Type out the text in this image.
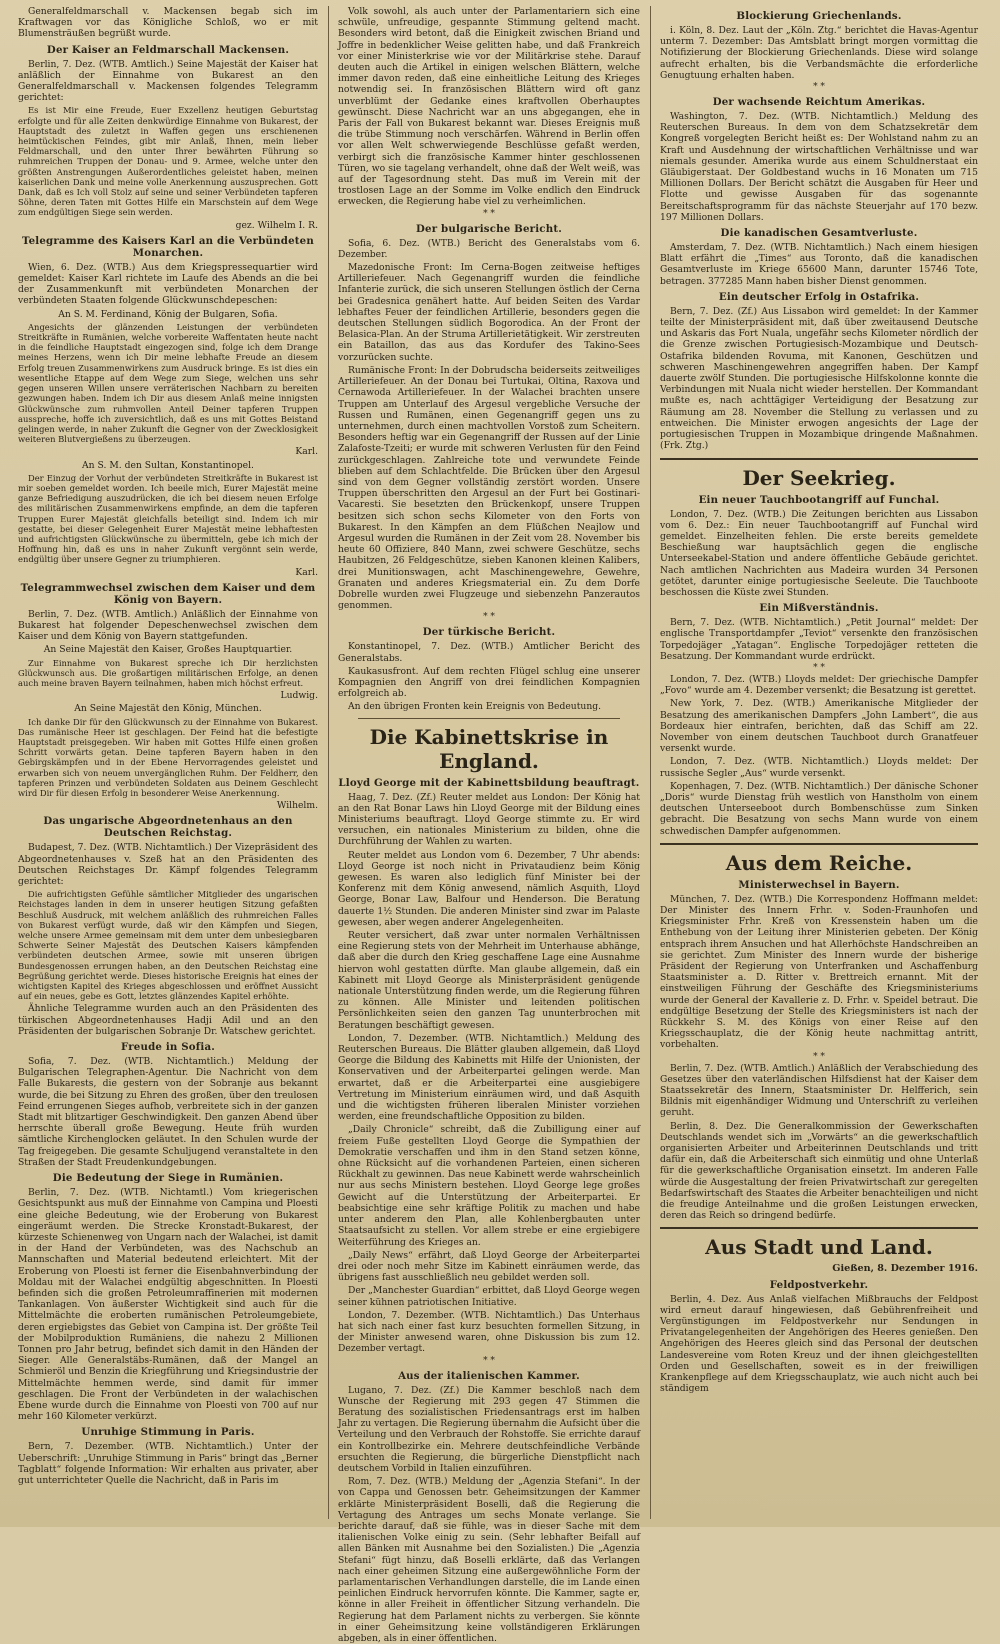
Generalfeldmarschall v. Mackensen begab sich im Kraftwagen vor das Königliche Schloß, wo er mit Blumensträußen begrüßt wurde.

Der Kaiser an Feldmarschall Mackensen.

Berlin, 7. Dez. (WTB. Amtlich.) Seine Majestät der Kaiser hat anläßlich der Einnahme von Bukarest an den Generalfeldmarschall v. Mackensen folgendes Telegramm gerichtet:

Es ist Mir eine Freude, Euer Exzellenz heutigen Geburtstag erfolgte und für alle Zeiten denkwürdige Einnahme von Bukarest, der Hauptstadt des zuletzt in Waffen gegen uns erschienenen heimtückischen Feindes, gibt mir Anlaß, Ihnen, mein lieber Feldmarschall, und den unter Ihrer bewährten Führung so ruhmreichen Truppen der Donau- und 9. Armee, welche unter den größten Anstrengungen Außerordentliches geleistet haben, meinen kaiserlichen Dank und meine volle Anerkennung auszusprechen. Gott Dank, daß es Ich voll Stolz auf seine und seiner Verbündeten tapferen Söhne, deren Taten mit Gottes Hilfe ein Marschstein auf dem Wege zum endgültigen Siege sein werden.

gez. Wilhelm I. R.

Telegramme des Kaisers Karl an die Verbündeten Monarchen.

Wien, 6. Dez. (WTB.) Aus dem Kriegspressequartier wird gemeldet: Kaiser Karl richtete im Laufe des Abends an die bei der Zusammenkunft mit verbündeten Monarchen der verbündeten Staaten folgende Glückwunschdepeschen:

An S. M. Ferdinand, König der Bulgaren, Sofia.

Angesichts der glänzenden Leistungen der verbündeten Streitkräfte in Rumänien, welche vorbereite Waffentaten heute nacht in die feindliche Hauptstadt eingezogen sind, folge ich dem Drange meines Herzens, wenn ich Dir meine lebhafte Freude an diesem Erfolg treuen Zusammenwirkens zum Ausdruck bringe. Es ist dies ein wesentliche Etappe auf dem Wege zum Siege, welchen uns sehr gegen unseren Willen unsere verräterischen Nachbarn zu bereiten gezwungen haben. Indem ich Dir aus diesem Anlaß meine innigsten Glückwünsche zum ruhmvollen Anteil Deiner tapferen Truppen ausspreche, hoffe ich zuversichtlich, daß es uns mit Gottes Beistand gelingen werde, in naher Zukunft die Gegner von der Zwecklosigkeit weiteren Blutvergießens zu überzeugen.

Karl.

An S. M. den Sultan, Konstantinopel.

Der Einzug der Vorhut der verbündeten Streitkräfte in Bukarest ist mir soeben gemeldet worden. Ich beeile mich, Eurer Majestät meine ganze Befriedigung auszudrücken, die ich bei diesem neuen Erfolge des militärischen Zusammenwirkens empfinde, an dem die tapferen Truppen Eurer Majestät gleichfalls beteiligt sind. Indem ich mir gestatte, bei dieser Gelegenheit Eurer Majestät meine lebhaftesten und aufrichtigsten Glückwünsche zu übermitteln, gebe ich mich der Hoffnung hin, daß es uns in naher Zukunft vergönnt sein werde, endgültig über unsere Gegner zu triumphieren.

Karl.

Telegrammwechsel zwischen dem Kaiser und dem König von Bayern.

Berlin, 7. Dez. (WTB. Amtlich.) Anläßlich der Einnahme von Bukarest hat folgender Depeschenwechsel zwischen dem Kaiser und dem König von Bayern stattgefunden.

An Seine Majestät den Kaiser, Großes Hauptquartier.

Zur Einnahme von Bukarest spreche ich Dir herzlichsten Glückwunsch aus. Die großartigen militärischen Erfolge, an denen auch meine braven Bayern teilnahmen, haben mich höchst erfreut.

Ludwig.

An Seine Majestät den König, München.

Ich danke Dir für den Glückwunsch zu der Einnahme von Bukarest. Das rumänische Heer ist geschlagen. Der Feind hat die befestigte Hauptstadt preisgegeben. Wir haben mit Gottes Hilfe einen großen Schritt vorwärts getan. Deine tapferen Bayern haben in den Gebirgskämpfen und in der Ebene Hervorragendes geleistet und erwarben sich von neuem unvergänglichen Ruhm. Der Feldherr, den tapferen Prinzen und verbündeten Soldaten aus Deinem Geschlecht wird Dir für diesen Erfolg in besonderer Weise Anerkennung.

Wilhelm.

Das ungarische Abgeordnetenhaus an den Deutschen Reichstag.

Budapest, 7. Dez. (WTB. Nichtamtlich.) Der Vizepräsident des Abgeordnetenhauses v. Szeß hat an den Präsidenten des Deutschen Reichstages Dr. Kämpf folgendes Telegramm gerichtet:

Die aufrichtigsten Gefühle sämtlicher Mitglieder des ungarischen Reichstages landen in dem in unserer heutigen Sitzung gefaßten Beschluß Ausdruck, mit welchem anläßlich des ruhmreichen Falles von Bukarest verfügt wurde, daß wir den Kämpfen und Siegen, welche unsere Armee gemeinsam mit dem unter dem unbesiegbaren Schwerte Seiner Majestät des Deutschen Kaisers kämpfenden verbündeten deutschen Armee, sowie mit unseren übrigen Bundesgenossen errungen haben, an den Deutschen Reichstag eine Begrüßung gerichtet werde. Dieses historische Ereignis hat eines der wichtigsten Kapitel des Krieges abgeschlossen und eröffnet Aussicht auf ein neues, gebe es Gott, letztes glänzendes Kapitel erhöhte.

Ähnliche Telegramme wurden auch an den Präsidenten des türkischen Abgeordnetenhauses Hadji Adil und an den Präsidenten der bulgarischen Sobranje Dr. Watschew gerichtet.

Freude in Sofia.

Sofia, 7. Dez. (WTB. Nichtamtlich.) Meldung der Bulgarischen Telegraphen-Agentur. Die Nachricht von dem Falle Bukarests, die gestern von der Sobranje aus bekannt wurde, die bei Sitzung zu Ehren des großen, über den treulosen Feind errungenen Sieges aufhob, verbreitete sich in der ganzen Stadt mit blitzartiger Geschwindigkeit. Den ganzen Abend über herrschte überall große Bewegung. Heute früh wurden sämtliche Kirchenglocken geläutet. In den Schulen wurde der Tag freigegeben. Die gesamte Schuljugend veranstaltete in den Straßen der Stadt Freudenkundgebungen.

Die Bedeutung der Siege in Rumänien.

Berlin, 7. Dez. (WTB. Nichtamtl.) Vom kriegerischen Gesichtspunkt aus muß der Einnahme von Campina und Ploesti eine gleiche Bedeutung, wie der Eroberung von Bukarest eingeräumt werden. Die Strecke Kronstadt-Bukarest, der kürzeste Schienenweg von Ungarn nach der Walachei, ist damit in der Hand der Verbündeten, was des Nachschub an Mannschaften und Material bedeutend erleichtert. Mit der Eroberung von Ploesti ist ferner die Eisenbahnverbindung der Moldau mit der Walachei endgültig abgeschnitten. In Ploesti befinden sich die großen Petroleumraffinerien mit modernen Tankanlagen. Von äußerster Wichtigkeit sind auch für die Mittelmächte die eroberten rumänischen Petroleumgebiete, deren ergiebigstes das Gebiet von Campina ist. Der größte Teil der Mobilproduktion Rumäniens, die nahezu 2 Millionen Tonnen pro Jahr betrug, befindet sich damit in den Händen der Sieger. Alle Generalstäbs-Rumänen, daß der Mangel an Schmieröl und Benzin die Kriegführung und Kriegsindustrie der Mittelmächte hemmen werde, sind damit für immer geschlagen. Die Front der Verbündeten in der walachischen Ebene wurde durch die Einnahme von Ploesti von 700 auf nur mehr 160 Kilometer verkürzt.

Unruhige Stimmung in Paris.

Bern, 7. Dezember. (WTB. Nichtamtlich.) Unter der Ueberschrift: „Unruhige Stimmung in Paris“ bringt das „Berner Tagblatt“ folgende Information: Wir erhalten aus privater, aber gut unterrichteter Quelle die Nachricht, daß in Paris im

Volk sowohl, als auch unter der Parlamentariern sich eine schwüle, unfreudige, gespannte Stimmung geltend macht. Besonders wird betont, daß die Einigkeit zwischen Briand und Joffre in bedenklicher Weise gelitten habe, und daß Frankreich vor einer Ministerkrise wie vor der Militärkrise stehe. Darauf deuten auch die Artikel in einigen welschen Blättern, welche immer davon reden, daß eine einheitliche Leitung des Krieges notwendig sei. In französischen Blättern wird oft ganz unverblümt der Gedanke eines kraftvollen Oberhauptes gewünscht. Diese Nachricht war an uns abgegangen, ehe in Paris der Fall von Bukarest bekannt war. Dieses Ereignis muß die trübe Stimmung noch verschärfen. Während in Berlin offen vor allen Welt schwerwiegende Beschlüsse gefaßt werden, verbirgt sich die französische Kammer hinter geschlossenen Türen, wo sie tagelang verhandelt, ohne daß der Welt weiß, was auf der Tagesordnung steht. Das muß im Verein mit der trostlosen Lage an der Somme im Volke endlich den Eindruck erwecken, die Regierung habe viel zu verheimlichen.

* *
Der bulgarische Bericht.

Sofia, 6. Dez. (WTB.) Bericht des Generalstabs vom 6. Dezember.

Mazedonische Front: Im Cerna-Bogen zeitweise heftiges Artilleriefeuer. Nach Gegenangriff wurden die feindliche Infanterie zurück, die sich unseren Stellungen östlich der Cerna bei Gradesnica genähert hatte. Auf beiden Seiten des Vardar lebhaftes Feuer der feindlichen Artillerie, besonders gegen die deutschen Stellungen südlich Bogorodica. An der Front der Belasica-Plan. An der Struma Artillerietätigkeit. Wir zerstreuten ein Bataillon, das aus das Kordufer des Takino-Sees vorzurücken suchte.

Rumänische Front: In der Dobrudscha beiderseits zeitweiliges Artilleriefeuer. An der Donau bei Turtukai, Oltina, Raxova und Cernawoda Artilleriefeuer. In der Walachei brachten unsere Truppen am Unterlauf des Argesul vergebliche Versuche der Russen und Rumänen, einen Gegenangriff gegen uns zu unternehmen, durch einen machtvollen Vorstoß zum Scheitern. Besonders heftig war ein Gegenangriff der Russen auf der Linie Zalafoste-Tzeiti; er wurde mit schweren Verlusten für den Feind zurückgeschlagen. Zahlreiche tote und verwundete Feinde blieben auf dem Schlachtfelde. Die Brücken über den Argesul sind von dem Gegner vollständig zerstört worden. Unsere Truppen überschritten den Argesul an der Furt bei Gostinari-Vacaresti. Sie besetzten den Brückenkopf, unsere Truppen besitzen sich schon sechs Kilometer von den Forts von Bukarest. In den Kämpfen an dem Flüßchen Neajlow und Argesul wurden die Rumänen in der Zeit vom 28. November bis heute 60 Offiziere, 840 Mann, zwei schwere Geschütze, sechs Haubitzen, 26 Feldgeschütze, sieben Kanonen kleinen Kalibers, drei Munitionswagen, acht Maschinengewehre, Gewehre, Granaten und anderes Kriegsmaterial ein. Zu dem Dorfe Dobrelle wurden zwei Flugzeuge und siebenzehn Panzerautos genommen.

* *
Der türkische Bericht.

Konstantinopel, 7. Dez. (WTB.) Amtlicher Bericht des Generalstabs.

Kaukasusfront. Auf dem rechten Flügel schlug eine unserer Kompagnien den Angriff von drei feindlichen Kompagnien erfolgreich ab.

An den übrigen Fronten kein Ereignis von Bedeutung.

Die Kabinettskrise in England.
Lloyd George mit der Kabinettsbildung beauftragt.

Haag, 7. Dez. (Zf.) Reuter meldet aus London: Der König hat an den Rat Bonar Laws hin Lloyd George mit der Bildung eines Ministeriums beauftragt. Lloyd George stimmte zu. Er wird versuchen, ein nationales Ministerium zu bilden, ohne die Durchführung der Wahlen zu warten.

Reuter meldet aus London vom 6. Dezember, 7 Uhr abends: Lloyd George ist noch nicht in Privataudienz beim König gewesen. Es waren also lediglich fünf Minister bei der Konferenz mit dem König anwesend, nämlich Asquith, Lloyd George, Bonar Law, Balfour und Henderson. Die Beratung dauerte 1½ Stunden. Die anderen Minister sind zwar im Palaste gewesen, aber wegen anderer Angelegenheiten.

Reuter versichert, daß zwar unter normalen Verhältnissen eine Regierung stets von der Mehrheit im Unterhause abhänge, daß aber die durch den Krieg geschaffene Lage eine Ausnahme hiervon wohl gestatten dürfte. Man glaube allgemein, daß ein Kabinett mit Lloyd George als Ministerpräsident genügende nationale Unterstützung finden werde, um die Regierung führen zu können. Alle Minister und leitenden politischen Persönlichkeiten seien den ganzen Tag ununterbrochen mit Beratungen beschäftigt gewesen.

London, 7. Dezember. (WTB. Nichtamtlich.) Meldung des Reuterschen Bureaus. Die Blätter glauben allgemein, daß Lloyd George die Bildung des Kabinetts mit Hilfe der Unionisten, der Konservativen und der Arbeiterpartei gelingen werde. Man erwartet, daß er die Arbeiterpartei eine ausgiebigere Vertretung im Ministerium einräumen wird, und daß Asquith und die wichtigsten früheren liberalen Minister vorziehen werden, eine freundschaftliche Opposition zu bilden.

„Daily Chronicle“ schreibt, daß die Zubilligung einer auf freiem Fuße gestellten Lloyd George die Sympathien der Demokratie verschaffen und ihm in den Stand setzen könne, ohne Rücksicht auf die vorhandenen Parteien, einen sicheren Rückhalt zu gewinnen. Das neue Kabinett werde wahrscheinlich nur aus sechs Ministern bestehen. Lloyd George lege großes Gewicht auf die Unterstützung der Arbeiterpartei. Er beabsichtige eine sehr kräftige Politik zu machen und habe unter anderem den Plan, alle Kohlenbergbauten unter Staatsaufsicht zu stellen. Vor allem strebe er eine ergiebigere Weiterführung des Krieges an.

„Daily News“ erfährt, daß Lloyd George der Arbeiterpartei drei oder noch mehr Sitze im Kabinett einräumen werde, das übrigens fast ausschließlich neu gebildet werden soll.

Der „Manchester Guardian“ erbittet, daß Lloyd George wegen seiner kühnen patriotischen Initiative.

London, 7. Dezember. (WTB. Nichtamtlich.) Das Unterhaus hat sich nach einer fast kurz besuchten formellen Sitzung, in der Minister anwesend waren, ohne Diskussion bis zum 12. Dezember vertagt.

* *
Aus der italienischen Kammer.

Lugano, 7. Dez. (Zf.) Die Kammer beschloß nach dem Wunsche der Regierung mit 293 gegen 47 Stimmen die Beratung des sozialistischen Friedensantrags erst im halben Jahr zu vertagen. Die Regierung übernahm die Aufsicht über die Verteilung und den Verbrauch der Rohstoffe. Sie errichte darauf ein Kontrollbezirke ein. Mehrere deutschfeindliche Verbände ersuchten die Regierung, die bürgerliche Dienstpflicht nach deutschem Vorbild in Italien einzuführen.

Rom, 7. Dez. (WTB.) Meldung der „Agenzia Stefani“. In der von Cappa und Genossen betr. Geheimsitzungen der Kammer erklärte Ministerpräsident Boselli, daß die Regierung die Vertagung des Antrages um sechs Monate verlange. Sie berichte darauf, daß sie fühle, was in dieser Sache mit dem italienischen Volke einig zu sein. (Sehr lebhafter Beifall auf allen Bänken mit Ausnahme bei den Sozialisten.) Die „Agenzia Stefani“ fügt hinzu, daß Boselli erklärte, daß das Verlangen nach einer geheimen Sitzung eine außergewöhnliche Form der parlamentarischen Verhandlungen darstelle, die im Lande einen peinlichen Eindruck hervorrufen könnte. Die Kammer, sagte er, könne in aller Freiheit in öffentlicher Sitzung verhandeln. Die Regierung hat dem Parlament nichts zu verbergen. Sie könnte in einer Geheimsitzung keine vollständigeren Erklärungen abgeben, als in einer öffentlichen.

Blockierung Griechenlands.

i. Köln, 8. Dez. Laut der „Köln. Ztg.“ berichtet die Havas-Agentur unterm 7. Dezember: Das Amtsblatt bringt morgen vormittag die Notifizierung der Blockierung Griechenlands. Diese wird solange aufrecht erhalten, bis die Verbandsmächte die erforderliche Genugtuung erhalten haben.

* *
Der wachsende Reichtum Amerikas.

Washington, 7. Dez. (WTB. Nichtamtlich.) Meldung des Reuterschen Bureaus. In dem von dem Schatzsekretär dem Kongreß vorgelegten Bericht heißt es: Der Wohlstand nahm zu an Kraft und Ausdehnung der wirtschaftlichen Verhältnisse und war niemals gesunder. Amerika wurde aus einem Schuldnerstaat ein Gläubigerstaat. Der Goldbestand wuchs in 16 Monaten um 715 Millionen Dollars. Der Bericht schätzt die Ausgaben für Heer und Flotte und gewisse Ausgaben für das sogenannte Bereitschaftsprogramm für das nächste Steuerjahr auf 170 bezw. 197 Millionen Dollars.

Die kanadischen Gesamtverluste.

Amsterdam, 7. Dez. (WTB. Nichtamtlich.) Nach einem hiesigen Blatt erfährt die „Times“ aus Toronto, daß die kanadischen Gesamtverluste im Kriege 65600 Mann, darunter 15746 Tote, betragen. 377285 Mann haben bisher Dienst genommen.

Ein deutscher Erfolg in Ostafrika.

Bern, 7. Dez. (Zf.) Aus Lissabon wird gemeldet: In der Kammer teilte der Ministerpräsident mit, daß über zweitausend Deutsche und Askaris das Fort Nuala, ungefähr sechs Kilometer nördlich der die Grenze zwischen Portugiesisch-Mozambique und Deutsch-Ostafrika bildenden Rovuma, mit Kanonen, Geschützen und schweren Maschinengewehren angegriffen haben. Der Kampf dauerte zwölf Stunden. Die portugiesische Hilfskolonne konnte die Verbindungen mit Nuala nicht wieder herstellen. Der Kommandant mußte es, nach achttägiger Verteidigung der Besatzung zur Räumung am 28. November die Stellung zu verlassen und zu entweichen. Die Minister erwogen angesichts der Lage der portugiesischen Truppen in Mozambique dringende Maßnahmen. (Frk. Ztg.)

Der Seekrieg.
Ein neuer Tauchbootangriff auf Funchal.

London, 7. Dez. (WTB.) Die Zeitungen berichten aus Lissabon vom 6. Dez.: Ein neuer Tauchbootangriff auf Funchal wird gemeldet. Einzelheiten fehlen. Die erste bereits gemeldete Beschießung war hauptsächlich gegen die englische Unterseekabel-Station und andere öffentliche Gebäude gerichtet. Nach amtlichen Nachrichten aus Madeira wurden 34 Personen getötet, darunter einige portugiesische Seeleute. Die Tauchboote beschossen die Küste zwei Stunden.

Ein Mißverständnis.

Bern, 7. Dez. (WTB. Nichtamtlich.) „Petit Journal“ meldet: Der englische Transportdampfer „Teviot“ versenkte den französischen Torpedojäger „Yatagan“. Englische Torpedojäger retteten die Besatzung. Der Kommandant wurde erdrückt.

* *

London, 7. Dez. (WTB.) Lloyds meldet: Der griechische Dampfer „Fovo“ wurde am 4. Dezember versenkt; die Besatzung ist gerettet.

New York, 7. Dez. (WTB.) Amerikanische Mitglieder der Besatzung des amerikanischen Dampfers „John Lambert“, die aus Bordeaux hier eintrafen, berichten, daß das Schiff am 22. November von einem deutschen Tauchboot durch Granatfeuer versenkt wurde.

London, 7. Dez. (WTB. Nichtamtlich.) Lloyds meldet: Der russische Segler „Aus“ wurde versenkt.

Kopenhagen, 7. Dez. (WTB. Nichtamtlich.) Der dänische Schoner „Doris“ wurde Dienstag früh westlich von Hanstholm von einem deutschen Unterseeboot durch Bombenschüsse zum Sinken gebracht. Die Besatzung von sechs Mann wurde von einem schwedischen Dampfer aufgenommen.

Aus dem Reiche.
Ministerwechsel in Bayern.

München, 7. Dez. (WTB.) Die Korrespondenz Hoffmann meldet: Der Minister des Innern Frhr. v. Soden-Fraunhofen und Kriegsminister Frhr. Kreß von Kressenstein haben um die Enthebung von der Leitung ihrer Ministerien gebeten. Der König entsprach ihrem Ansuchen und hat Allerhöchste Handschreiben an sie gerichtet. Zum Minister des Innern wurde der bisherige Präsident der Regierung von Unterfranken und Aschaffenburg Staatsminister a. D. Ritter v. Brettreich ernannt. Mit der einstweiligen Führung der Geschäfte des Kriegsministeriums wurde der General der Kavallerie z. D. Frhr. v. Speidel betraut. Die endgültige Besetzung der Stelle des Kriegsministers ist nach der Rückkehr S. M. des Königs von einer Reise auf den Kriegsschauplatz, die der König heute nachmittag antritt, vorbehalten.

* *

Berlin, 7. Dez. (WTB. Amtlich.) Anläßlich der Verabschiedung des Gesetzes über den vaterländischen Hilfsdienst hat der Kaiser dem Staatssekretär des Innern, Staatsminister Dr. Helfferich, sein Bildnis mit eigenhändiger Widmung und Unterschrift zu verleihen geruht.

Berlin, 8. Dez. Die Generalkommission der Gewerkschaften Deutschlands wendet sich im „Vorwärts“ an die gewerkschaftlich organisierten Arbeiter und Arbeiterinnen Deutschlands und tritt dafür ein, daß die Arbeiterschaft sich einmütig und ohne Unterlaß für die gewerkschaftliche Organisation einsetzt. Im anderen Falle würde die Ausgestaltung der freien Privatwirtschaft zur geregelten Bedarfswirtschaft des Staates die Arbeiter benachteiligen und nicht die freudige Anteilnahme und die großen Leistungen erwecken, deren das Reich so dringend bedürfe.

Aus Stadt und Land.
Gießen, 8. Dezember 1916.
Feldpostverkehr.

Berlin, 4. Dez. Aus Anlaß vielfachen Mißbrauchs der Feldpost wird erneut darauf hingewiesen, daß Gebührenfreiheit und Vergünstigungen im Feldpostverkehr nur Sendungen in Privatangelegenheiten der Angehörigen des Heeres genießen. Den Angehörigen des Heeres gleich sind das Personal der deutschen Landesvereine vom Roten Kreuz und der ihnen gleichgestellten Orden und Gesellschaften, soweit es in der freiwilligen Krankenpflege auf dem Kriegsschauplatz, wie auch nicht auch bei ständigem
